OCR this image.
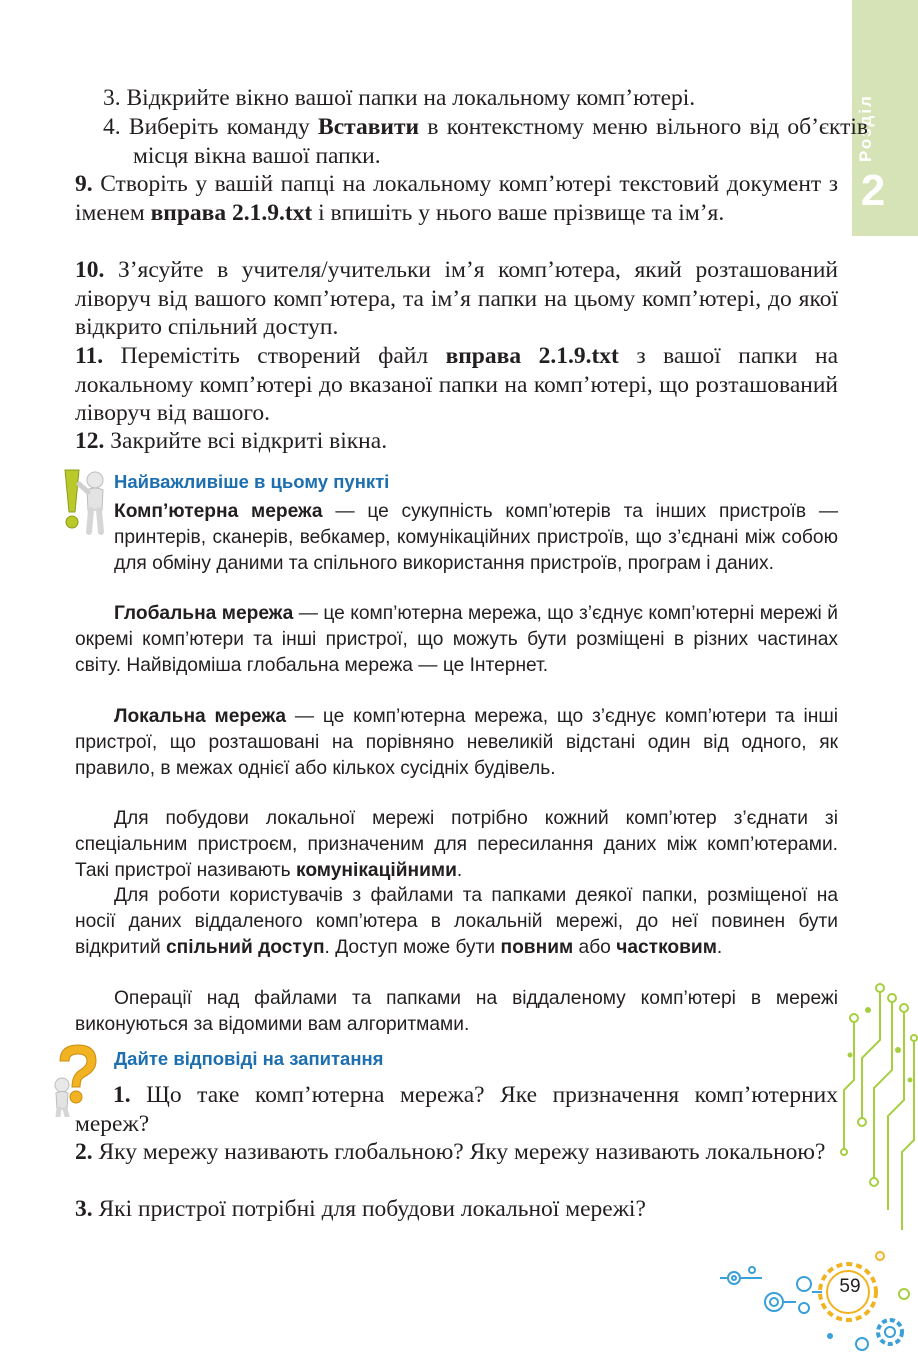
Розділ
2

3. Відкрийте вікно вашої папки на локальному комп’ютері.

4. Виберіть команду Вставити в контекстному меню вільного від об’єктів місця вікна вашої папки.

9. Створіть у вашій папці на локальному комп’ютері текстовий документ з іменем вправа 2.1.9.txt і впишіть у нього ваше прізвище та ім’я.

10. З’ясуйте в учителя/учительки ім’я комп’ютера, який розташований ліворуч від вашого комп’ютера, та ім’я папки на цьому комп’ютері, до якої відкрито спільний доступ.

11. Перемістіть створений файл вправа 2.1.9.txt з вашої папки на локальному комп’ютері до вказаної папки на комп’ютері, що розташований ліворуч від вашого.

12. Закрийте всі відкриті вікна.

Найважливіше в цьому пункті

Комп’ютерна мережа — це сукупність комп’ютерів та інших пристроїв — принтерів, сканерів, вебкамер, комунікаційних пристроїв, що з’єднані між собою для обміну даними та спільного використання пристроїв, програм і даних.

Глобальна мережа — це комп’ютерна мережа, що з’єднує комп’ютерні мережі й окремі комп’ютери та інші пристрої, що можуть бути розміщені в різних частинах світу. Найвідоміша глобальна мережа — це Інтернет.

Локальна мережа — це комп’ютерна мережа, що з’єднує комп’ютери та інші пристрої, що розташовані на порівняно невеликій відстані один від одного, як правило, в межах однієї або кількох сусідніх будівель.

Для побудови локальної мережі потрібно кожний комп’ютер з’єднати зі спеціальним пристроєм, призначеним для пересилання даних між комп’ютерами. Такі пристрої називають комунікаційними.

Для роботи користувачів з файлами та папками деякої папки, розміщеної на носії даних віддаленого комп’ютера в локальній мережі, до неї повинен бути відкритий спільний доступ. Доступ може бути повним або частковим.

Операції над файлами та папками на віддаленому комп’ютері в мережі виконуються за відомими вам алгоритмами.

Дайте відповіді на запитання

1. Що таке комп’ютерна мережа? Яке призначення комп’ютерних мереж?

2. Яку мережу називають глобальною? Яку мережу називають локальною?

3. Які пристрої потрібні для побудови локальної мережі?

59
